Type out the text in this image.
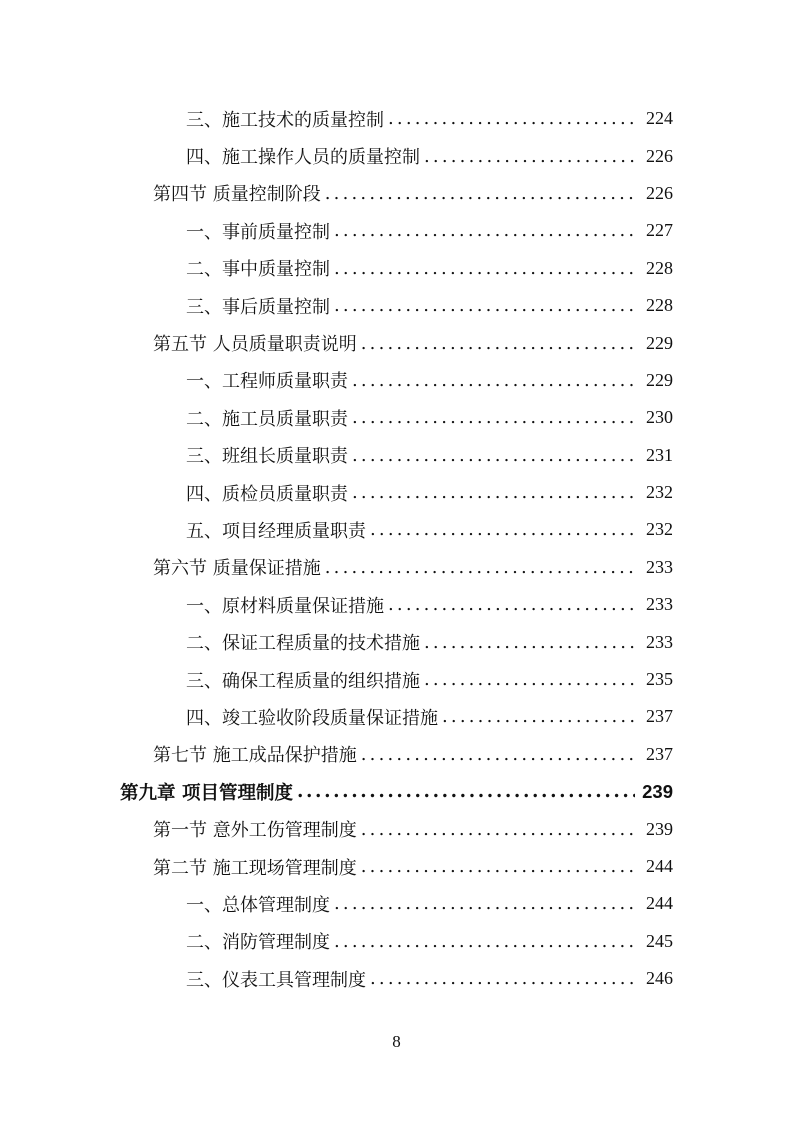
三、施工技术的质量控制 .....	224
四、施工操作人员的质量控制 .....	226
第四节 质量控制阶段 .....	226
一、事前质量控制 .....	227
二、事中质量控制 .....	228
三、事后质量控制 .....	228
第五节 人员质量职责说明 .....	229
一、工程师质量职责 .....	229
二、施工员质量职责 .....	230
三、班组长质量职责 .....	231
四、质检员质量职责 .....	232
五、项目经理质量职责 .....	232
第六节 质量保证措施 .....	233
一、原材料质量保证措施 .....	233
二、保证工程质量的技术措施 .....	233
三、确保工程质量的组织措施 .....	235
四、竣工验收阶段质量保证措施 .....	237
第七节 施工成品保护措施 .....	237
第九章 项目管理制度 .....	239
第一节 意外工伤管理制度 .....	239
第二节 施工现场管理制度 .....	244
一、总体管理制度 .....	244
二、消防管理制度 .....	245
三、仪表工具管理制度 .....	246
8
